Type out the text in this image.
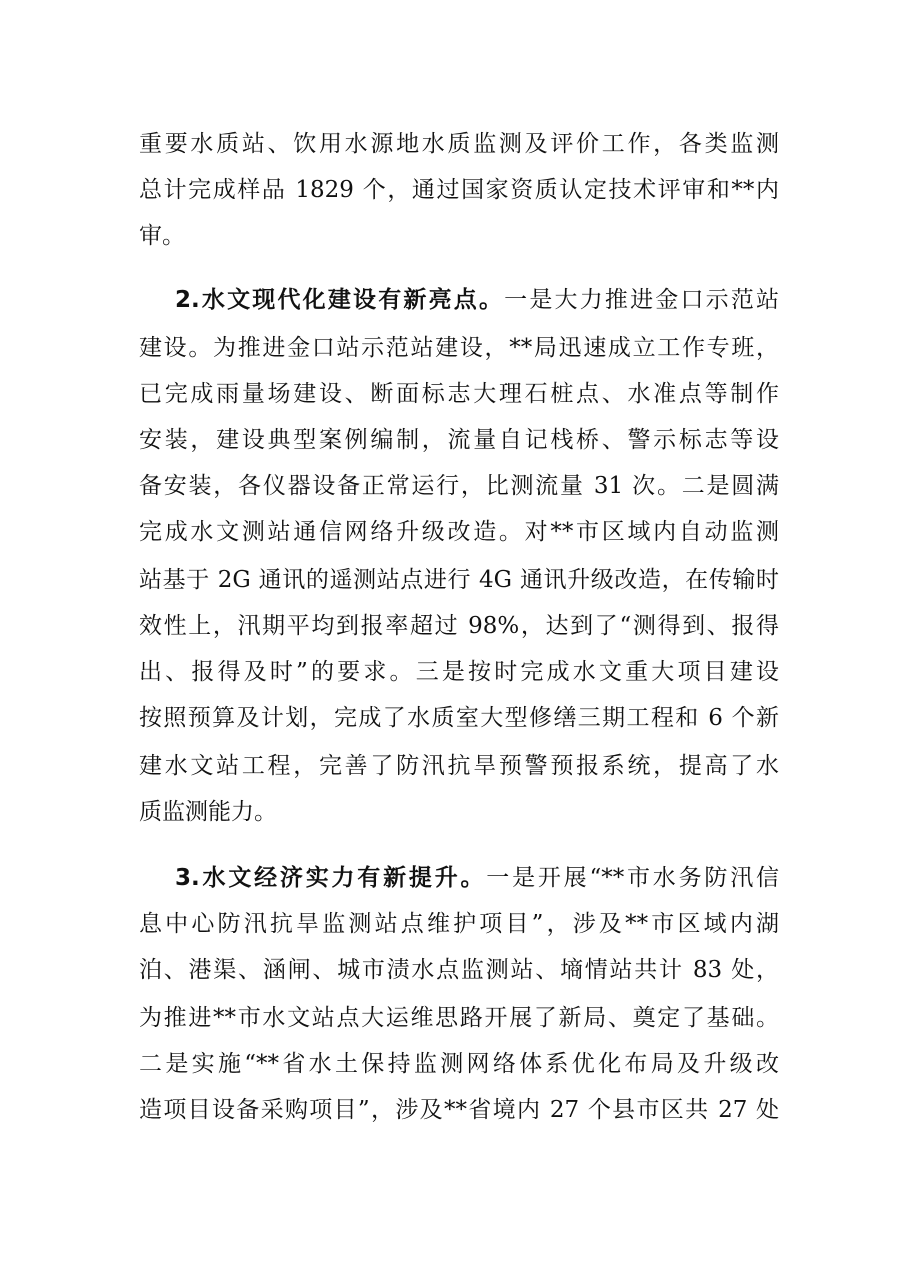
重要水质站、饮用水源地水质监测及评价工作，各类监测
总计完成样品 1829 个，通过国家资质认定技术评审和**内
审。
2.水文现代化建设有新亮点。一是大力推进金口示范站
建设。为推进金口站示范站建设，**局迅速成立工作专班，
已完成雨量场建设、断面标志大理石桩点、水准点等制作
安装，建设典型案例编制，流量自记栈桥、警示标志等设
备安装，各仪器设备正常运行，比测流量 31 次。二是圆满
完成水文测站通信网络升级改造。对**市区域内自动监测
站基于 2G 通讯的遥测站点进行 4G 通讯升级改造，在传输时
效性上，汛期平均到报率超过 98%，达到了“测得到、报得
出、报得及时”的要求。三是按时完成水文重大项目建设
按照预算及计划，完成了水质室大型修缮三期工程和 6 个新
建水文站工程，完善了防汛抗旱预警预报系统，提高了水
质监测能力。
3.水文经济实力有新提升。一是开展“**市水务防汛信
息中心防汛抗旱监测站点维护项目”，涉及**市区域内湖
泊、港渠、涵闸、城市渍水点监测站、墒情站共计 83 处，
为推进**市水文站点大运维思路开展了新局、奠定了基础。
二是实施“**省水土保持监测网络体系优化布局及升级改
造项目设备采购项目”，涉及**省境内 27 个县市区共 27 处
